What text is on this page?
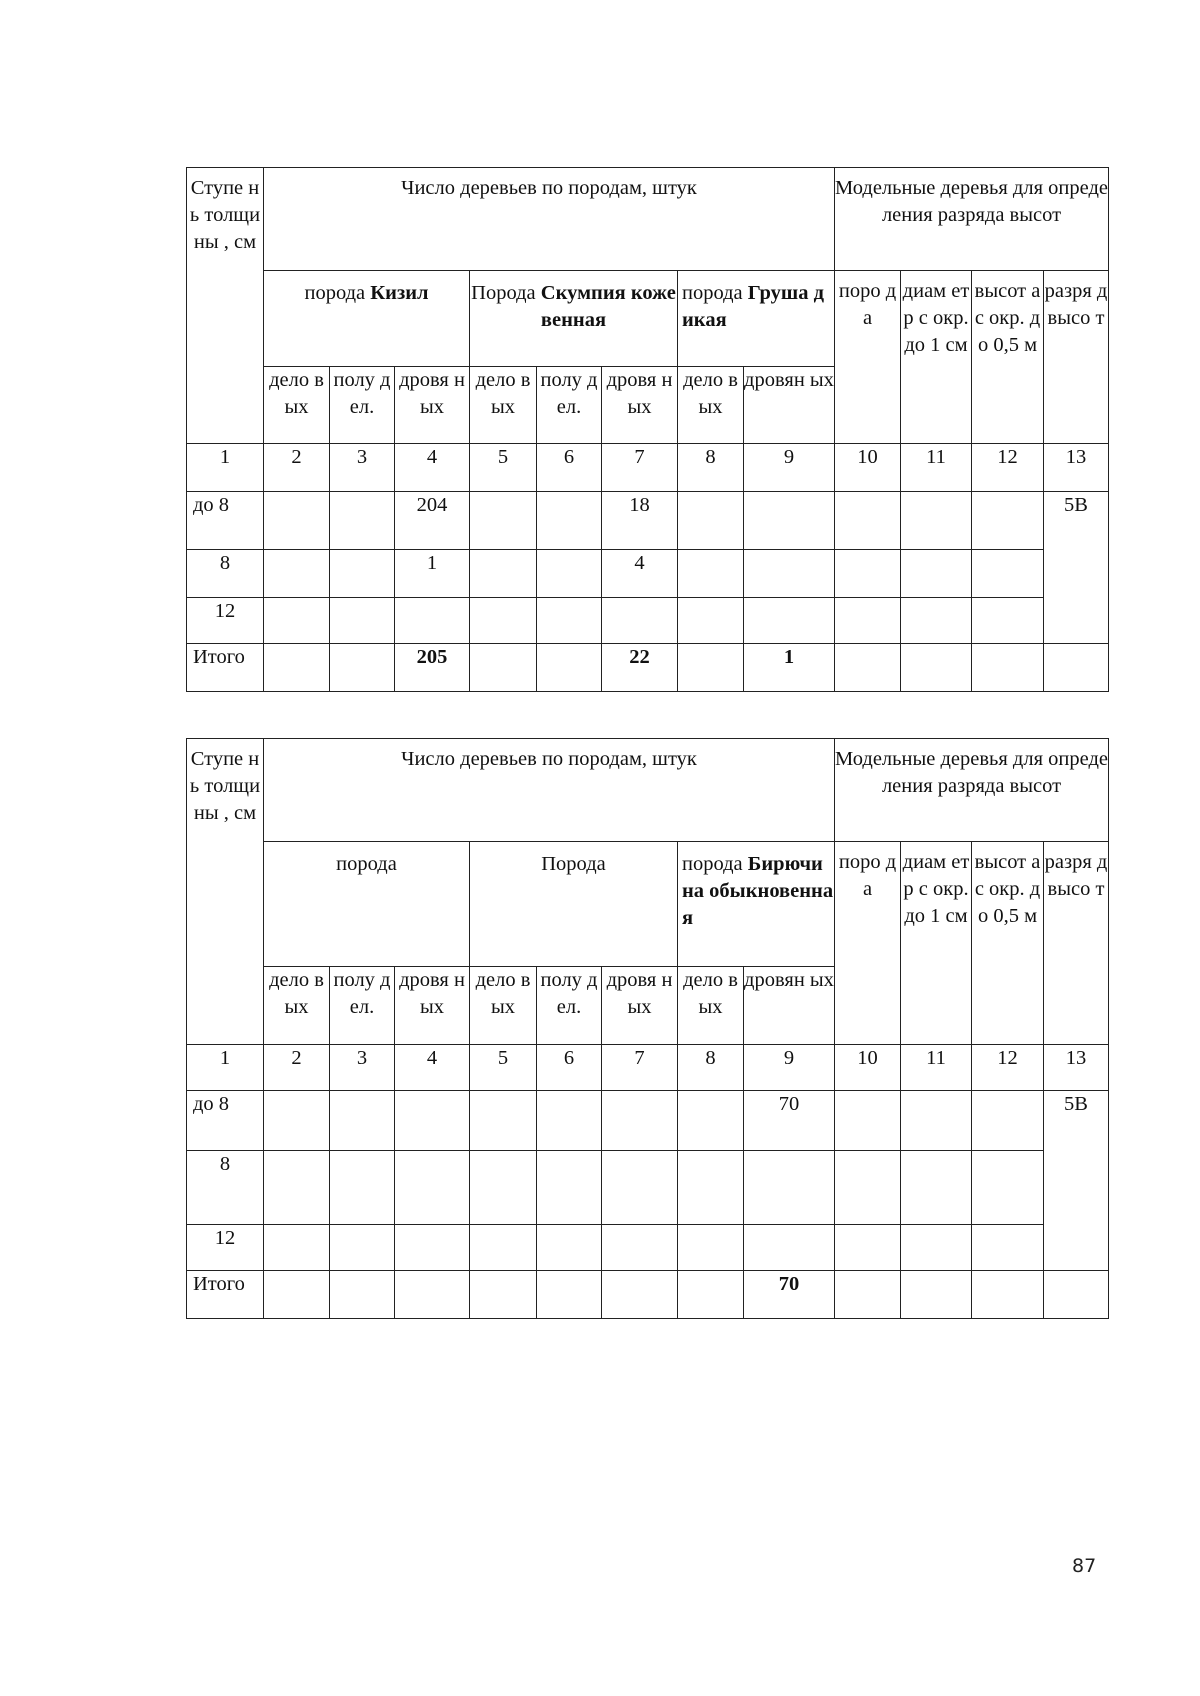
Ступе нь толщи ны , см	Число деревьев по породам, штук								Модельные деревья для определения разряда высот			
	порода Кизил			Порода Скумпия кожевенная			порода Груша дикая		поро да	диам етр с окр. до 1 см	высот а с окр. до 0,5 м	разря д высо т
	дело вых	полу дел.	дровя ных	дело вых	полу дел.	дровя ных	дело вых	дровян ых				
1	2	3	4	5	6	7	8	9	10	11	12	13
до 8			204			18						5В
8			1			4						
12												
Итого			205			22		1				
Ступе нь толщи ны , см	Число деревьев по породам, штук								Модельные деревья для определения разряда высот			
	порода			Порода			порода Бирючина обыкновенная		поро да	диам етр с окр. до 1 см	высот а с окр. до 0,5 м	разря д высо т
	дело вых	полу дел.	дровя ных	дело вых	полу дел.	дровя ных	дело вых	дровян ых				
1	2	3	4	5	6	7	8	9	10	11	12	13
до 8								70				5В
8												
12												
Итого								70				
87
